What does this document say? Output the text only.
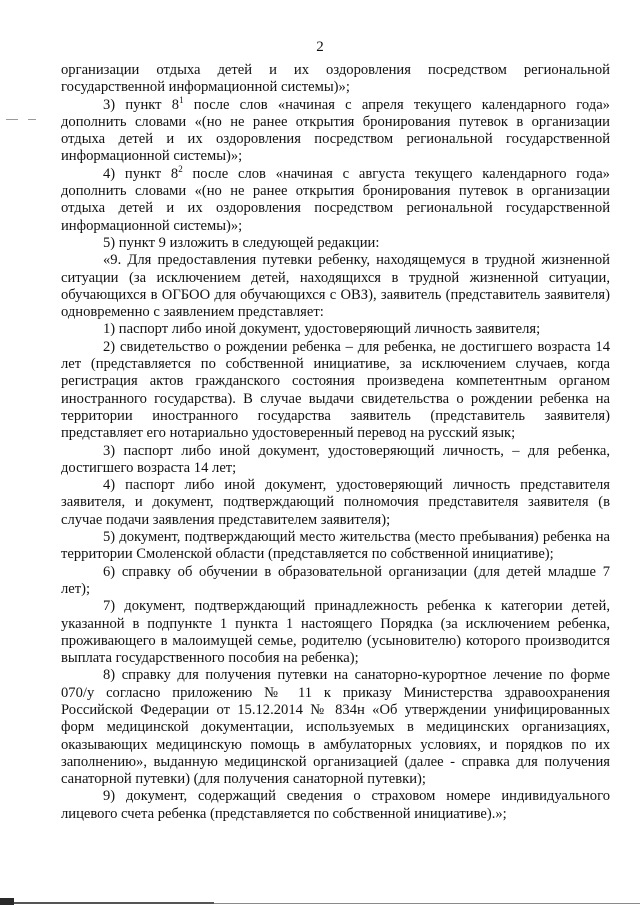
2

организации отдыха детей и их оздоровления посредством региональной государственной информационной системы)»;

3) пункт $8^1$ после слов «начиная с апреля текущего календарного года» дополнить словами «(но не ранее открытия бронирования путевок в организации отдыха детей и их оздоровления посредством региональной государственной информационной системы)»;

4) пункт $8^2$ после слов «начиная с августа текущего календарного года» дополнить словами «(но не ранее открытия бронирования путевок в организации отдыха детей и их оздоровления посредством региональной государственной информационной системы)»;

5) пункт 9 изложить в следующей редакции:

«9. Для предоставления путевки ребенку, находящемуся в трудной жизненной ситуации (за исключением детей, находящихся в трудной жизненной ситуации, обучающихся в ОГБОО для обучающихся с ОВЗ), заявитель (представитель заявителя) одновременно с заявлением представляет:

1) паспорт либо иной документ, удостоверяющий личность заявителя;

2) свидетельство о рождении ребенка – для ребенка, не достигшего возраста 14 лет (представляется по собственной инициативе, за исключением случаев, когда регистрация актов гражданского состояния произведена компетентным органом иностранного государства). В случае выдачи свидетельства о рождении ребенка на территории иностранного государства заявитель (представитель заявителя) представляет его нотариально удостоверенный перевод на русский язык;

3) паспорт либо иной документ, удостоверяющий личность, – для ребенка, достигшего возраста 14 лет;

4) паспорт либо иной документ, удостоверяющий личность представителя заявителя, и документ, подтверждающий полномочия представителя заявителя (в случае подачи заявления представителем заявителя);

5) документ, подтверждающий место жительства (место пребывания) ребенка на территории Смоленской области (представляется по собственной инициативе);

6) справку об обучении в образовательной организации (для детей младше 7 лет);

7) документ, подтверждающий принадлежность ребенка к категории детей, указанной в подпункте 1 пункта 1 настоящего Порядка (за исключением ребенка, проживающего в малоимущей семье, родителю (усыновителю) которого производится выплата государственного пособия на ребенка);

8) справку для получения путевки на санаторно-курортное лечение по форме 070/у согласно приложению № 11 к приказу Министерства здравоохранения Российской Федерации от 15.12.2014 № 834н «Об утверждении унифицированных форм медицинской документации, используемых в медицинских организациях, оказывающих медицинскую помощь в амбулаторных условиях, и порядков по их заполнению», выданную медицинской организацией (далее - справка для получения санаторной путевки) (для получения санаторной путевки);

9) документ, содержащий сведения о страховом номере индивидуального лицевого счета ребенка (представляется по собственной инициативе).»;
